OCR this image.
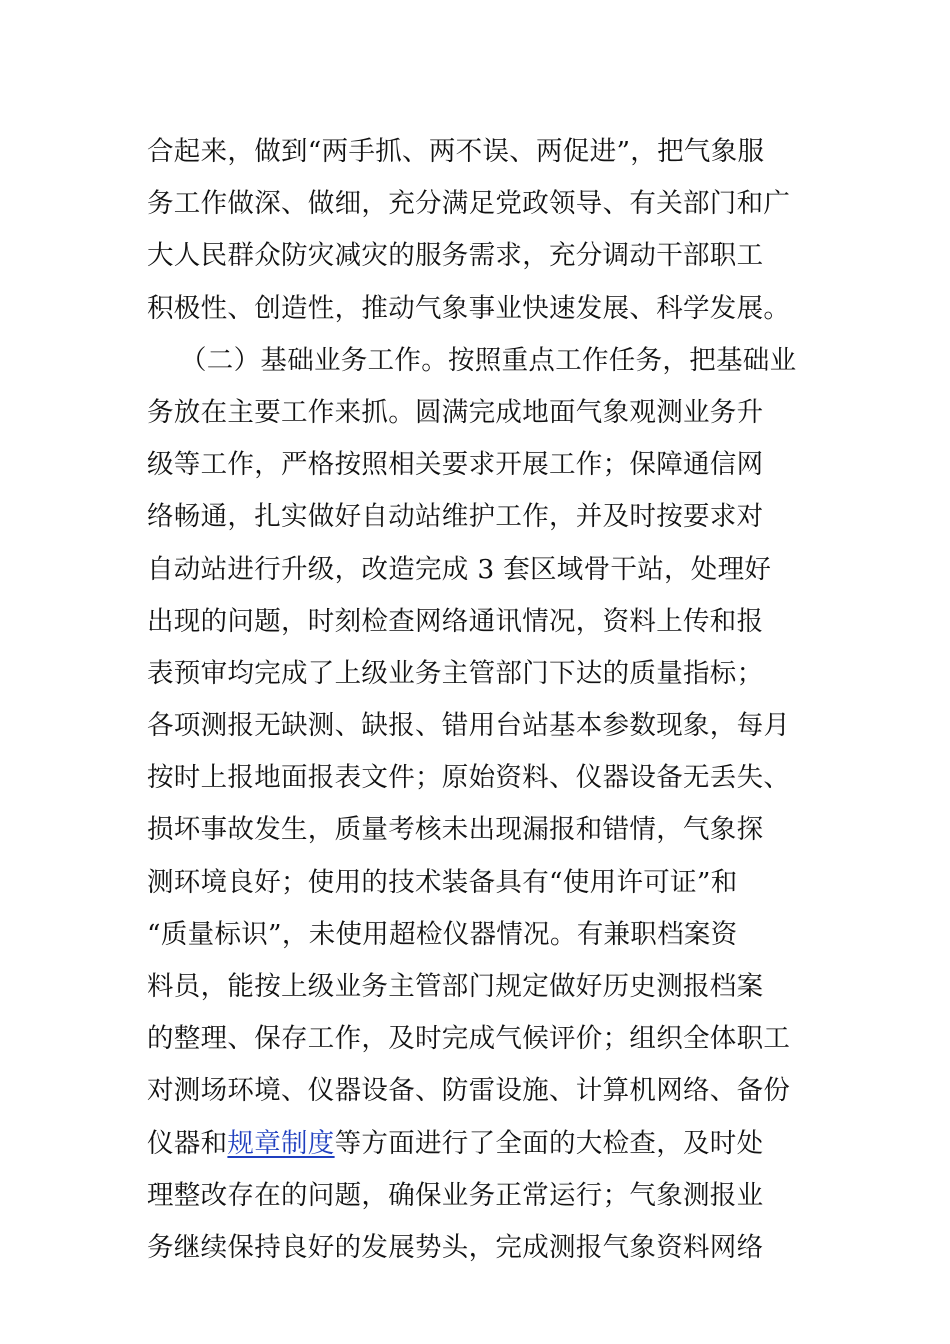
合起来，做到“两手抓、两不误、两促进”，把气象服
务工作做深、做细，充分满足党政领导、有关部门和广
大人民群众防灾减灾的服务需求，充分调动干部职工
积极性、创造性，推动气象事业快速发展、科学发展。
（二）基础业务工作。按照重点工作任务，把基础业
务放在主要工作来抓。圆满完成地面气象观测业务升
级等工作，严格按照相关要求开展工作；保障通信网
络畅通，扎实做好自动站维护工作，并及时按要求对
自动站进行升级，改造完成 3 套区域骨干站，处理好
出现的问题，时刻检查网络通讯情况，资料上传和报
表预审均完成了上级业务主管部门下达的质量指标；
各项测报无缺测、缺报、错用台站基本参数现象，每月
按时上报地面报表文件；原始资料、仪器设备无丢失、
损坏事故发生，质量考核未出现漏报和错情，气象探
测环境良好；使用的技术装备具有“使用许可证”和
“质量标识”，未使用超检仪器情况。有兼职档案资
料员，能按上级业务主管部门规定做好历史测报档案
的整理、保存工作，及时完成气候评价；组织全体职工
对测场环境、仪器设备、防雷设施、计算机网络、备份
仪器和规章制度等方面进行了全面的大检查，及时处
理整改存在的问题，确保业务正常运行；气象测报业
务继续保持良好的发展势头，完成测报气象资料网络
